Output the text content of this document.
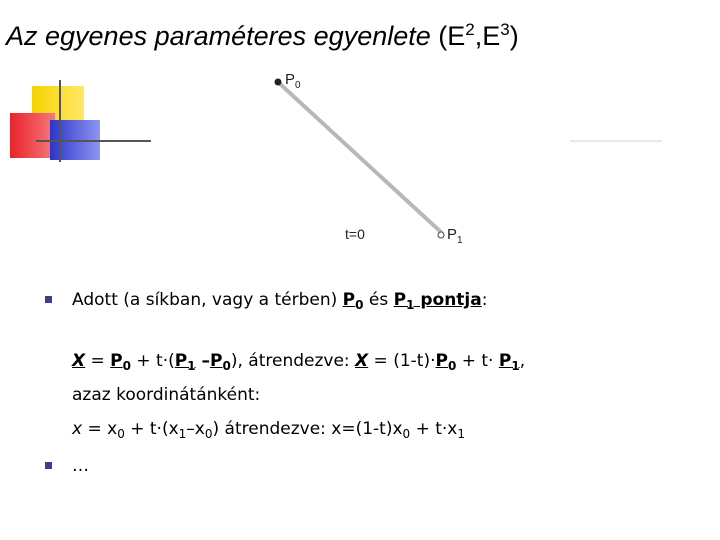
Az egyenes paraméteres egyenlete $(E^2,E^3)$
$P_0$
$P_1$
t=0
Adott (a síkban, vagy a térben) $P_0$ és $P_1$ pontja:
$X = P_0 + t\cdot(P_1$ $-P_0$), átrendezve: $X = (1-t)\cdot P_0 + t\cdot P_1$,
azaz koordinátánként:
$x = x_0 + t\cdot(x_1-x_0)$ átrendezve: $x=(1-t)x_0 + t\cdot x_1$
…
